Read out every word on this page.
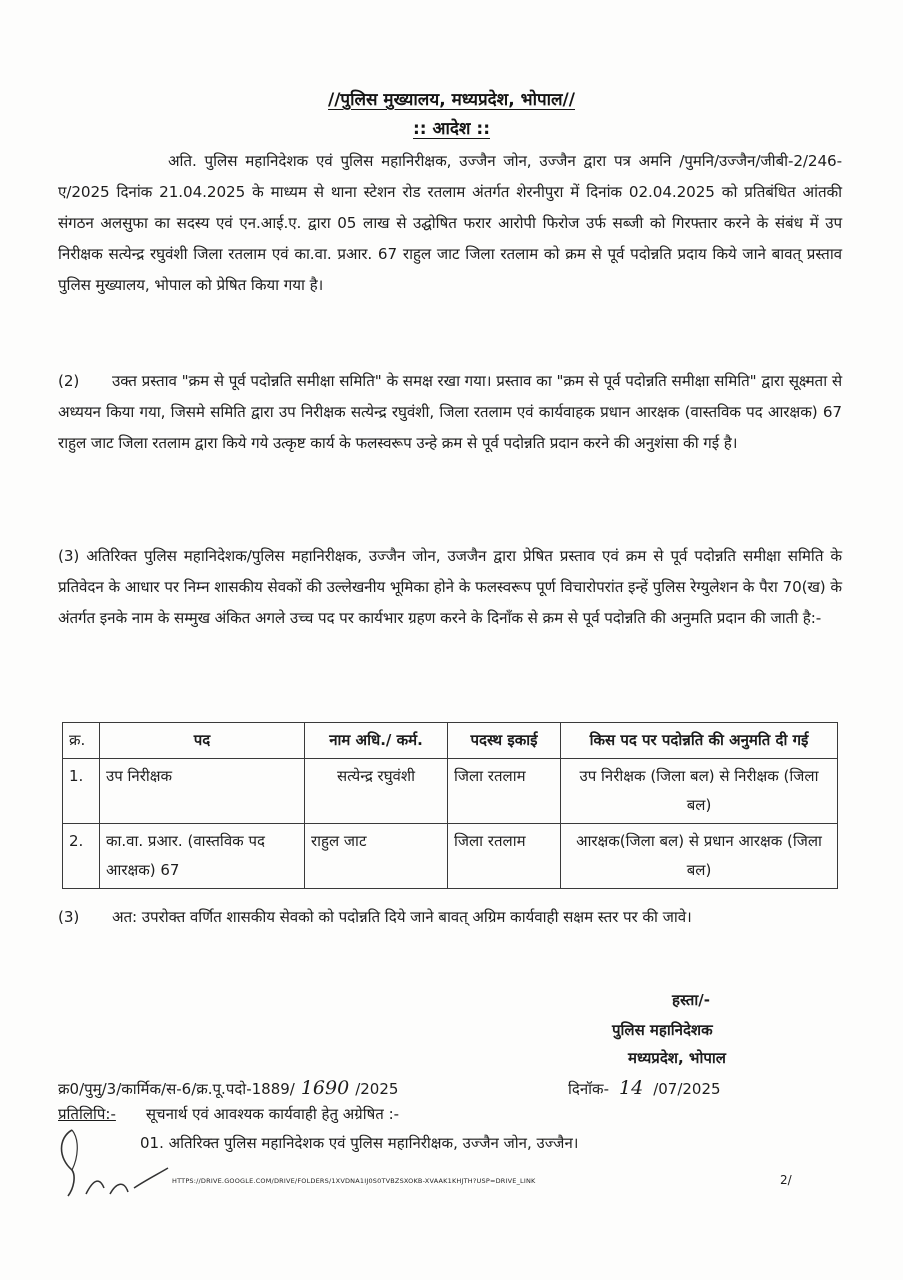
//पुलिस मुख्यालय, मध्यप्रदेश, भोपाल//
:: आदेश ::
अति. पुलिस महानिदेशक एवं पुलिस महानिरीक्षक, उज्जैन जोन, उज्जैन द्वारा पत्र अमनि /पुमनि/उज्जैन/जीबी-2/246-ए/2025 दिनांक 21.04.2025 के माध्यम से थाना स्टेशन रोड रतलाम अंतर्गत शेरनीपुरा में दिनांक 02.04.2025 को प्रतिबंधित आंतकी संगठन अलसुफा का सदस्य एवं एन.आई.ए. द्वारा 05 लाख से उद्घोषित फरार आरोपी फिरोज उर्फ सब्जी को गिरफ्तार करने के संबंध में उप निरीक्षक सत्येन्द्र रघुवंशी जिला रतलाम एवं का.वा. प्रआर. 67 राहुल जाट जिला रतलाम को क्रम से पूर्व पदोन्नति प्रदाय किये जाने बावत् प्रस्ताव पुलिस मुख्यालय, भोपाल को प्रेषित किया गया है।
(2) उक्त प्रस्ताव "क्रम से पूर्व पदोन्नति समीक्षा समिति" के समक्ष रखा गया। प्रस्ताव का "क्रम से पूर्व पदोन्नति समीक्षा समिति" द्वारा सूक्ष्मता से अध्ययन किया गया, जिसमे समिति द्वारा उप निरीक्षक सत्येन्द्र रघुवंशी, जिला रतलाम एवं कार्यवाहक प्रधान आरक्षक (वास्तविक पद आरक्षक) 67 राहुल जाट जिला रतलाम द्वारा किये गये उत्कृष्ट कार्य के फलस्वरूप उन्हे क्रम से पूर्व पदोन्नति प्रदान करने की अनुशंसा की गई है।
(3) अतिरिक्त पुलिस महानिदेशक/पुलिस महानिरीक्षक, उज्जैन जोन, उजजैन द्वारा प्रेषित प्रस्ताव एवं क्रम से पूर्व पदोन्नति समीक्षा समिति के प्रतिवेदन के आधार पर निम्न शासकीय सेवकों की उल्लेखनीय भूमिका होने के फलस्वरूप पूर्ण विचारोपरांत इन्हें पुलिस रेग्युलेशन के पैरा 70(ख) के अंतर्गत इनके नाम के सम्मुख अंकित अगले उच्च पद पर कार्यभार ग्रहण करने के दिनाँक से क्रम से पूर्व पदोन्नति की अनुमति प्रदान की जाती है:-
क्र.	पद	नाम अधि./ कर्म.	पदस्थ इकाई	किस पद पर पदोन्नति की अनुमति दी गई
1.	उप निरीक्षक	सत्येन्द्र रघुवंशी	जिला रतलाम	उप निरीक्षक (जिला बल) से निरीक्षक (जिला बल)
2.	का.वा. प्रआर. (वास्तविक पद आरक्षक) 67	राहुल जाट	जिला रतलाम	आरक्षक(जिला बल) से प्रधान आरक्षक (जिला बल)
(3) अत: उपरोक्त वर्णित शासकीय सेवको को पदोन्नति दिये जाने बावत् अग्रिम कार्यवाही सक्षम स्तर पर की जावे।
हस्ता/-
पुलिस महानिदेशक
मध्यप्रदेश, भोपाल
क्र0/पुमु/3/कार्मिक/स-6/क्र.पू.पदो-1889/ 1690 /2025	दिनॉक- 14 /07/2025
प्रतिलिपि:- सूचनार्थ एवं आवश्यक कार्यवाही हेतु अग्रेषित :-
01. अतिरिक्त पुलिस महानिदेशक एवं पुलिस महानिरीक्षक, उज्जैन जोन, उज्जैन।
HTTPS://DRIVE.GOOGLE.COM/DRIVE/FOLDERS/1XVDNA1IJ0S0TVBZSXOKB-XVAAK1KHJTH?USP=DRIVE_LINK	2/
